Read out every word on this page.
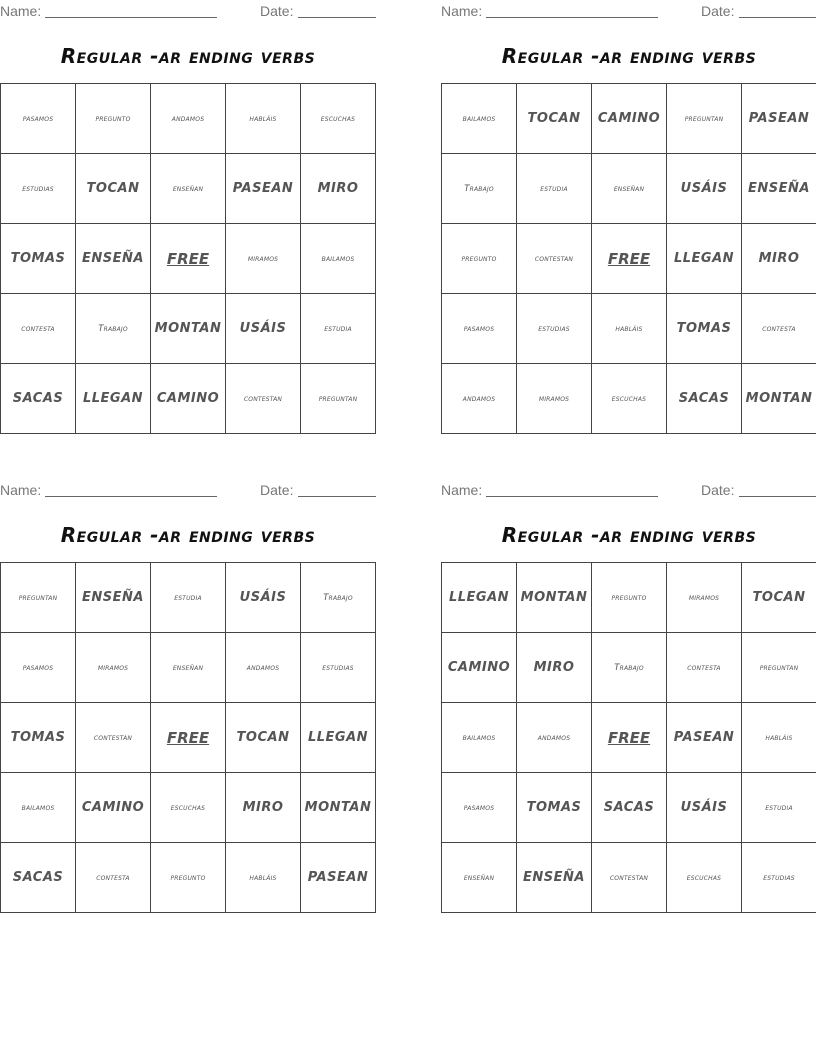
Name:	Date:
Regular -ar ending verbs
pasamos	pregunto	andamos	habláis	escuchas
estudias	TOCAN	enseñan	PASEAN	MIRO
TOMAS	ENSEÑA	FREE	miramos	bailamos
contesta	Trabajo	MONTAN	USÁIS	estudia
SACAS	LLEGAN	CAMINO	contestan	preguntan
Name:	Date:
Regular -ar ending verbs
bailamos	TOCAN	CAMINO	preguntan	PASEAN
Trabajo	estudia	enseñan	USÁIS	ENSEÑA
pregunto	contestan	FREE	LLEGAN	MIRO
pasamos	estudias	habláis	TOMAS	contesta
andamos	miramos	escuchas	SACAS	MONTAN
Name:	Date:
Regular -ar ending verbs
preguntan	ENSEÑA	estudia	USÁIS	Trabajo
pasamos	miramos	enseñan	andamos	estudias
TOMAS	contestan	FREE	TOCAN	LLEGAN
bailamos	CAMINO	escuchas	MIRO	MONTAN
SACAS	contesta	pregunto	habláis	PASEAN
Name:	Date:
Regular -ar ending verbs
LLEGAN	MONTAN	pregunto	miramos	TOCAN
CAMINO	MIRO	Trabajo	contesta	preguntan
bailamos	andamos	FREE	PASEAN	habláis
pasamos	TOMAS	SACAS	USÁIS	estudia
enseñan	ENSEÑA	contestan	escuchas	estudias
